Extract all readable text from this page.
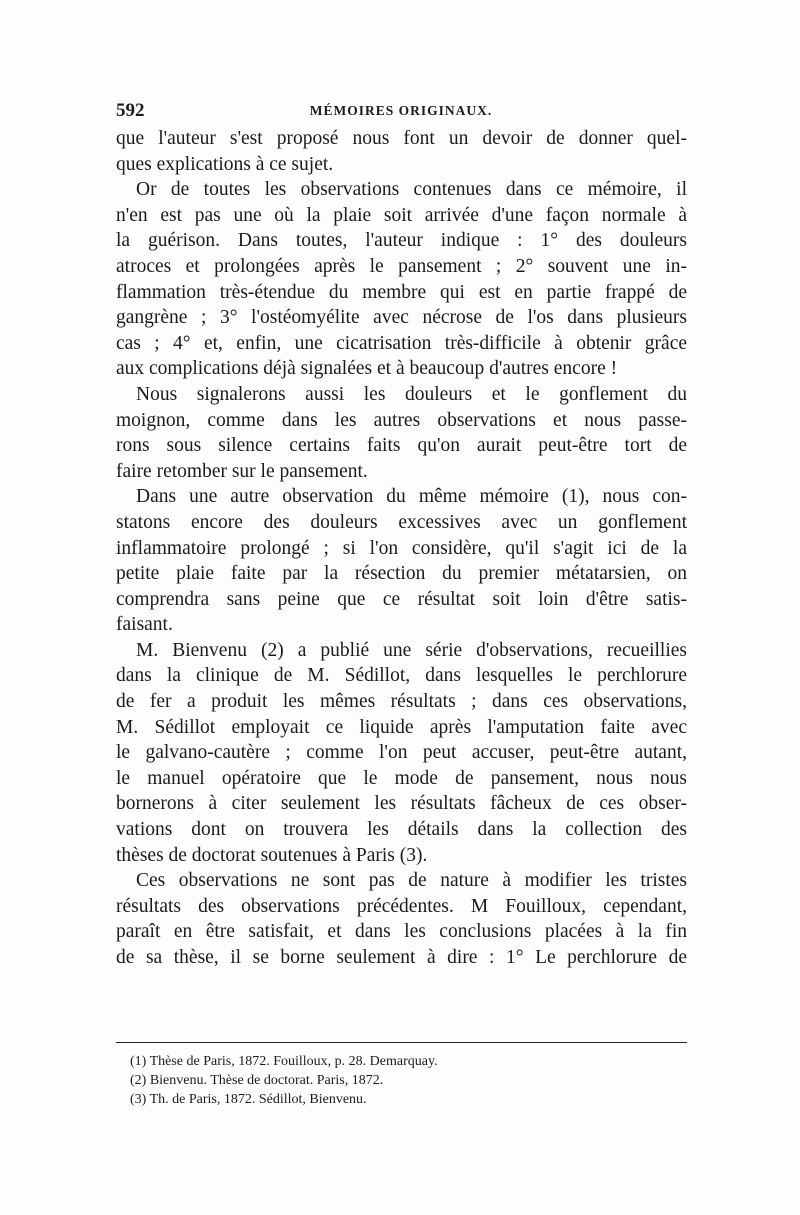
592	MÉMOIRES ORIGINAUX.
que l'auteur s'est proposé nous font un devoir de donner quel-
ques explications à ce sujet.
Or de toutes les observations contenues dans ce mémoire, il
n'en est pas une où la plaie soit arrivée d'une façon normale à
la guérison. Dans toutes, l'auteur indique : 1° des douleurs
atroces et prolongées après le pansement ; 2° souvent une in-
flammation très-étendue du membre qui est en partie frappé de
gangrène ; 3° l'ostéomyélite avec nécrose de l'os dans plusieurs
cas ; 4° et, enfin, une cicatrisation très-difficile à obtenir grâce
aux complications déjà signalées et à beaucoup d'autres encore !
Nous signalerons aussi les douleurs et le gonflement du
moignon, comme dans les autres observations et nous passe-
rons sous silence certains faits qu'on aurait peut-être tort de
faire retomber sur le pansement.
Dans une autre observation du même mémoire (1), nous con-
statons encore des douleurs excessives avec un gonflement
inflammatoire prolongé ; si l'on considère, qu'il s'agit ici de la
petite plaie faite par la résection du premier métatarsien, on
comprendra sans peine que ce résultat soit loin d'être satis-
faisant.
M. Bienvenu (2) a publié une série d'observations, recueillies
dans la clinique de M. Sédillot, dans lesquelles le perchlorure
de fer a produit les mêmes résultats ; dans ces observations,
M. Sédillot employait ce liquide après l'amputation faite avec
le galvano-cautère ; comme l'on peut accuser, peut-être autant,
le manuel opératoire que le mode de pansement, nous nous
bornerons à citer seulement les résultats fâcheux de ces obser-
vations dont on trouvera les détails dans la collection des
thèses de doctorat soutenues à Paris (3).
Ces observations ne sont pas de nature à modifier les tristes
résultats des observations précédentes. M Fouilloux, cependant,
paraît en être satisfait, et dans les conclusions placées à la fin
de sa thèse, il se borne seulement à dire : 1° Le perchlorure de
(1) Thèse de Paris, 1872. Fouilloux, p. 28. Demarquay.
(2) Bienvenu. Thèse de doctorat. Paris, 1872.
(3) Th. de Paris, 1872. Sédillot, Bienvenu.
